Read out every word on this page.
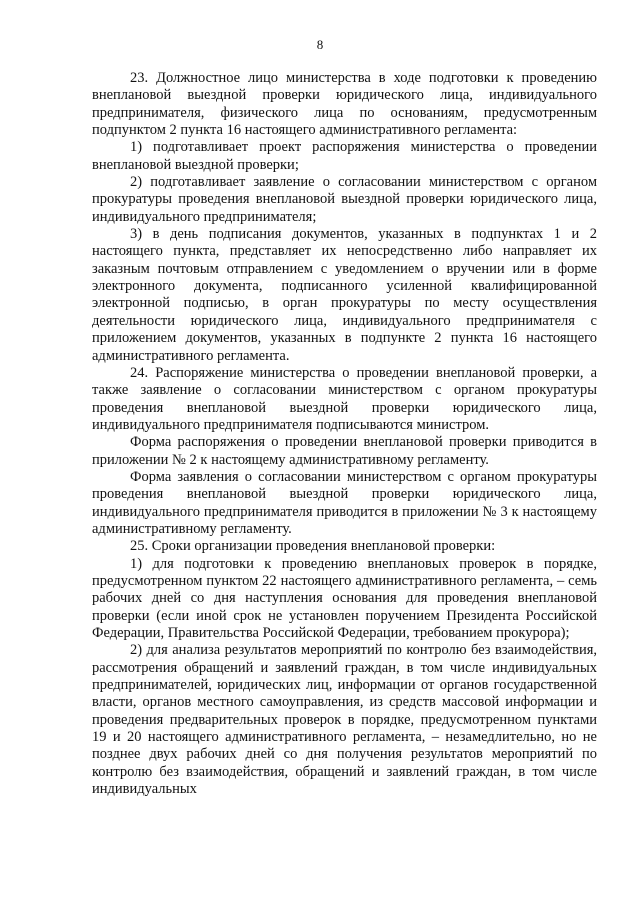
8

23. Должностное лицо министерства в ходе подготовки к проведению внеплановой выездной проверки юридического лица, индивидуального предпринимателя, физического лица по основаниям, предусмотренным подпунктом 2 пункта 16 настоящего административного регламента:

1) подготавливает проект распоряжения министерства о проведении внеплановой выездной проверки;

2) подготавливает заявление о согласовании министерством с органом прокуратуры проведения внеплановой выездной проверки юридического лица, индивидуального предпринимателя;

3) в день подписания документов, указанных в подпунктах 1 и 2 настоящего пункта, представляет их непосредственно либо направляет их заказным почтовым отправлением с уведомлением о вручении или в форме электронного документа, подписанного усиленной квалифицированной электронной подписью, в орган прокуратуры по месту осуществления деятельности юридического лица, индивидуального предпринимателя с приложением документов, указанных в подпункте 2 пункта 16 настоящего административного регламента.

24. Распоряжение министерства о проведении внеплановой проверки, а также заявление о согласовании министерством с органом прокуратуры проведения внеплановой выездной проверки юридического лица, индивидуального предпринимателя подписываются министром.

Форма распоряжения о проведении внеплановой проверки приводится в приложении № 2 к настоящему административному регламенту.

Форма заявления о согласовании министерством с органом прокуратуры проведения внеплановой выездной проверки юридического лица, индивидуального предпринимателя приводится в приложении № 3 к настоящему административному регламенту.

25. Сроки организации проведения внеплановой проверки:

1) для подготовки к проведению внеплановых проверок в порядке, предусмотренном пунктом 22 настоящего административного регламента, – семь рабочих дней со дня наступления основания для проведения внеплановой проверки (если иной срок не установлен поручением Президента Российской Федерации, Правительства Российской Федерации, требованием прокурора);

2) для анализа результатов мероприятий по контролю без взаимодействия, рассмотрения обращений и заявлений граждан, в том числе индивидуальных предпринимателей, юридических лиц, информации от органов государственной власти, органов местного самоуправления, из средств массовой информации и проведения предварительных проверок в порядке, предусмотренном пунктами 19 и 20 настоящего административного регламента, – незамедлительно, но не позднее двух рабочих дней со дня получения результатов мероприятий по контролю без взаимодействия, обращений и заявлений граждан, в том числе индивидуальных
